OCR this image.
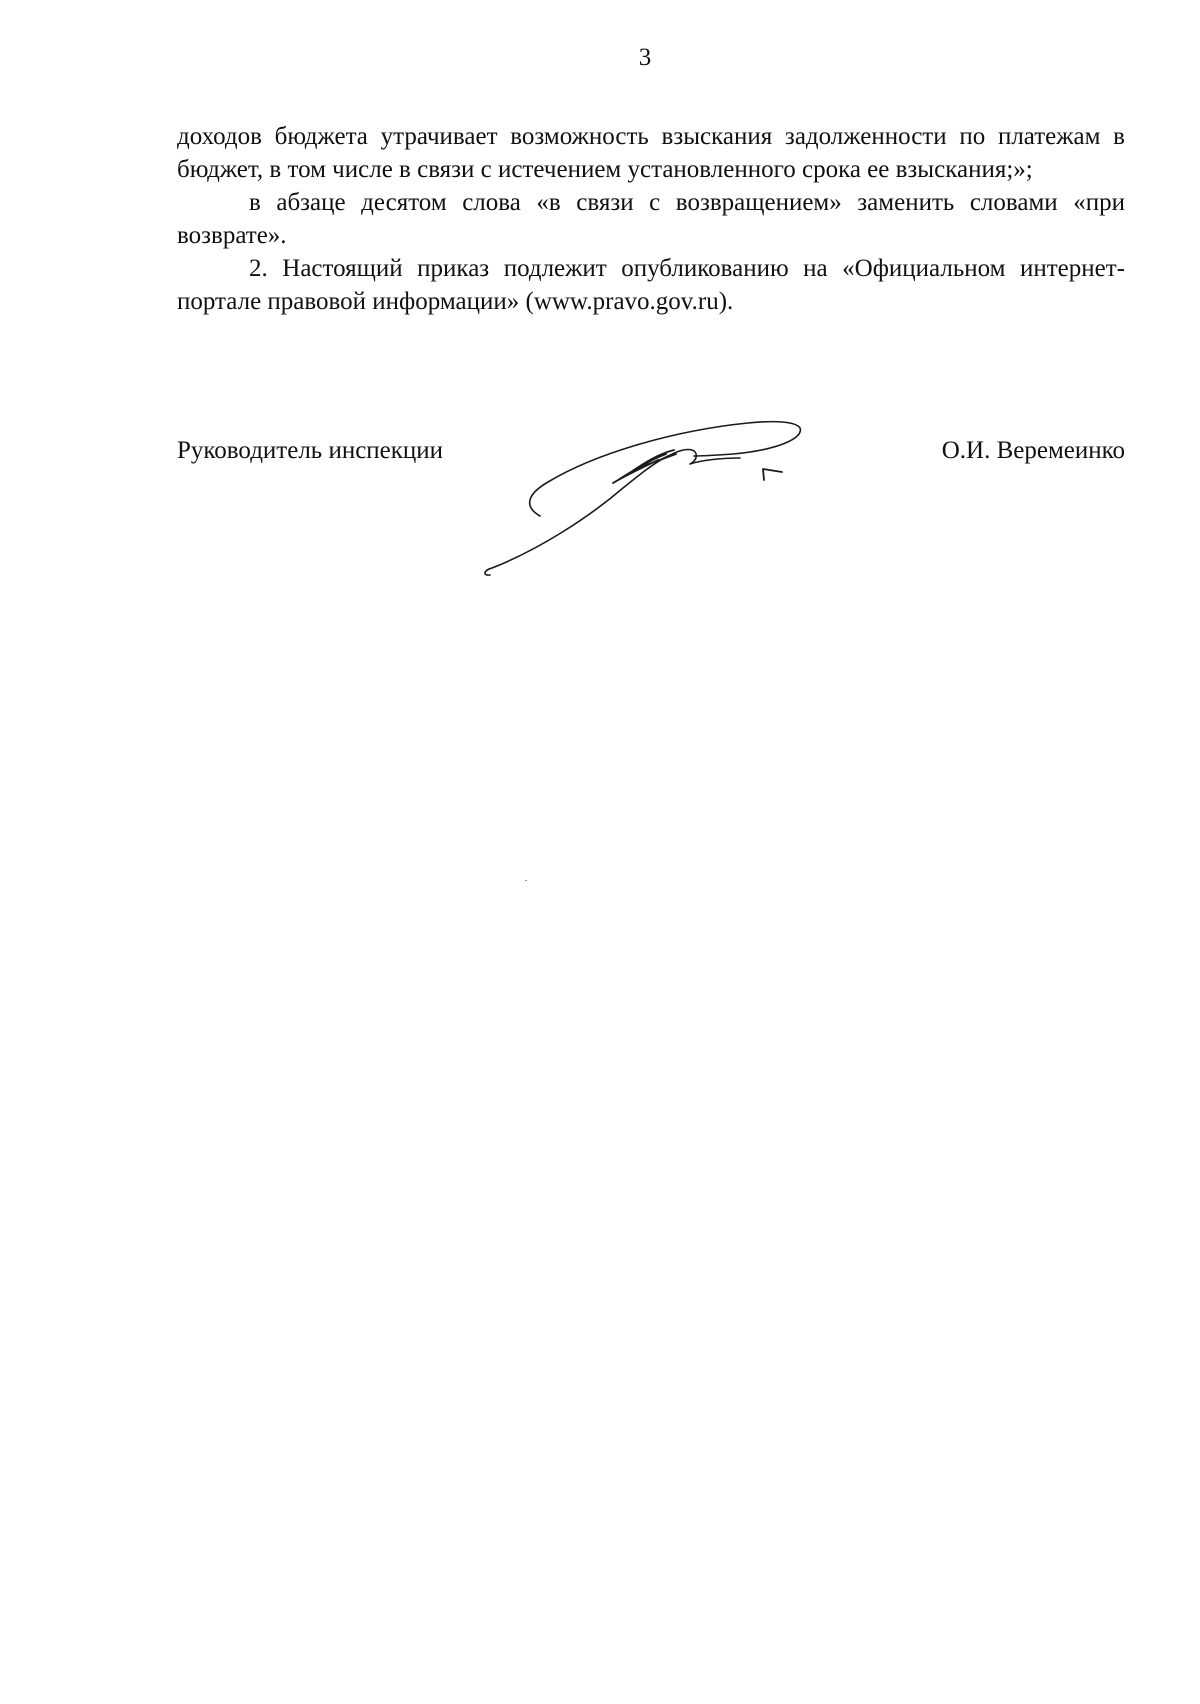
3

доходов бюджета утрачивает возможность взыскания задолженности по платежам в бюджет, в том числе в связи с истечением установленного срока ее взыскания;»;

в абзаце десятом слова «в связи с возвращением» заменить словами «при возврате».

2. Настоящий приказ подлежит опубликованию на «Официальном интернет-портале правовой информации» (www.pravo.gov.ru).

Руководитель инспекции	О.И. Веремеинко
